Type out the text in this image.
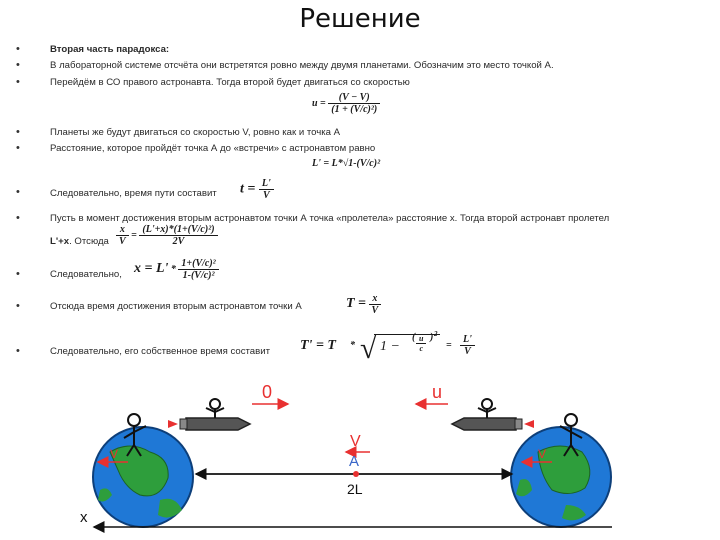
Решение
•	Вторая часть парадокса:
•	В лабораторной системе отсчёта они встретятся ровно между двумя планетами. Обозначим это место точкой А.
•	Перейдём в СО правого астронавта. Тогда второй будет двигаться со скоростью
$u = \frac{(V - V)}{\text{(1 + (V/c)²)}}$
•	Планеты же будут двигаться со скоростью V, ровно как и точка А
•	Расстояние, которое пройдёт точка А до «встречи» с астронавтом равно
L' = L*√1-(V/c)²
•	Следовательно, время пути составит $t = \frac{L'}{V}$
•	Пусть в момент достижения вторым астронавтом точки А точка «пролетела» расстояние x. Тогда второй астронавт пролетел
L'+x. Отсюда $\frac{x}{V} = \frac{\text{(L'+x)*(1+(V/c)²)}}{2V}$
•	Следовательно, $x = L' * \frac{\text{1+(V/c)²}}{\text{1-(V/c)²}}$
•	Отсюда время достижения вторым астронавтом точки А	$T = \frac{x}{V}$
•	Следовательно, его собственное время составит T' = T * √ 1 −
( $\frac{u}{c}$ ) 2
= $\frac{L'}{V}$
0	u
V
A
2L
x
V	V
